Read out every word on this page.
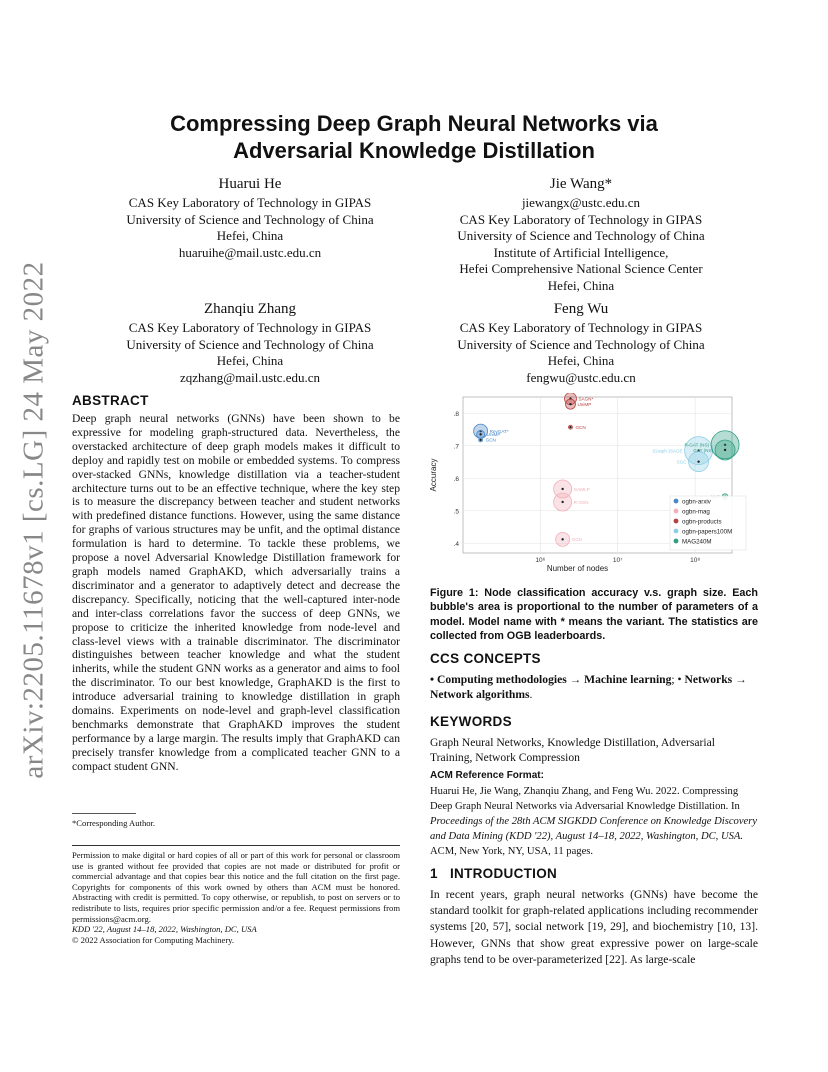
arXiv:2205.11678v1 [cs.LG] 24 May 2022
Compressing Deep Graph Neural Networks via
Adversarial Knowledge Distillation
Huarui He
CAS Key Laboratory of Technology in GIPAS
University of Science and Technology of China
Hefei, China
huaruihe@mail.ustc.edu.cn
Jie Wang*
jiewangx@ustc.edu.cn
CAS Key Laboratory of Technology in GIPAS
University of Science and Technology of China
Institute of Artificial Intelligence,
Hefei Comprehensive National Science Center
Hefei, China
Zhanqiu Zhang
CAS Key Laboratory of Technology in GIPAS
University of Science and Technology of China
Hefei, China
zqzhang@mail.ustc.edu.cn
Feng Wu
CAS Key Laboratory of Technology in GIPAS
University of Science and Technology of China
Hefei, China
fengwu@ustc.edu.cn
ABSTRACT
Deep graph neural networks (GNNs) have been shown to be expressive for modeling graph-structured data. Nevertheless, the overstacked architecture of deep graph models makes it difficult to deploy and rapidly test on mobile or embedded systems. To compress over-stacked GNNs, knowledge distillation via a teacher-student architecture turns out to be an effective technique, where the key step is to measure the discrepancy between teacher and student networks with predefined distance functions. However, using the same distance for graphs of various structures may be unfit, and the optimal distance formulation is hard to determine. To tackle these problems, we propose a novel Adversarial Knowledge Distillation framework for graph models named GraphAKD, which adversarially trains a discriminator and a generator to adaptively detect and decrease the discrepancy. Specifically, noticing that the well-captured inter-node and inter-class correlations favor the success of deep GNNs, we propose to criticize the inherited knowledge from node-level and class-level views with a trainable discriminator. The discriminator distinguishes between teacher knowledge and what the student inherits, while the student GNN works as a generator and aims to fool the discriminator. To our best knowledge, GraphAKD is the first to introduce adversarial training to knowledge distillation in graph domains. Experiments on node-level and graph-level classification benchmarks demonstrate that GraphAKD improves the student performance by a large margin. The results imply that GraphAKD can precisely transfer knowledge from a complicated teacher GNN to a compact student GNN.
*Corresponding Author.
Permission to make digital or hard copies of all or part of this work for personal or classroom use is granted without fee provided that copies are not made or distributed for profit or commercial advantage and that copies bear this notice and the full citation on the first page. Copyrights for components of this work owned by others than ACM must be honored. Abstracting with credit is permitted. To copy otherwise, or republish, to post on servers or to redistribute to lists, requires prior specific permission and/or a fee. Request permissions from permissions@acm.org.
KDD '22, August 14–18, 2022, Washington, DC, USA
© 2022 Association for Computing Machinery.
.8
.7
.6
.5
.4
10⁶	10⁷	10⁸
Number of nodes
Accuracy
RevGAT*
UniMP
GCN
GAMLP
R-GSN
GCN
SAGN*
UniMP
GCN
(Graph-)SAGE
SGC
R-GAT (NS)
GAT (NS)
ogbn-arxiv
ogbn-mag
ogbn-products
ogbn-papers100M
MAG240M
Figure 1: Node classification accuracy v.s. graph size. Each bubble's area is proportional to the number of parameters of a model. Model name with * means the variant. The statistics are collected from OGB leaderboards.
CCS CONCEPTS
• Computing methodologies → Machine learning; • Networks → Network algorithms.
KEYWORDS
Graph Neural Networks, Knowledge Distillation, Adversarial Training, Network Compression
ACM Reference Format:
Huarui He, Jie Wang, Zhanqiu Zhang, and Feng Wu. 2022. Compressing Deep Graph Neural Networks via Adversarial Knowledge Distillation. In Proceedings of the 28th ACM SIGKDD Conference on Knowledge Discovery and Data Mining (KDD '22), August 14–18, 2022, Washington, DC, USA. ACM, New York, NY, USA, 11 pages.
1 INTRODUCTION
In recent years, graph neural networks (GNNs) have become the standard toolkit for graph-related applications including recommender systems [20, 57], social network [19, 29], and biochemistry [10, 13]. However, GNNs that show great expressive power on large-scale graphs tend to be over-parameterized [22]. As large-scale
